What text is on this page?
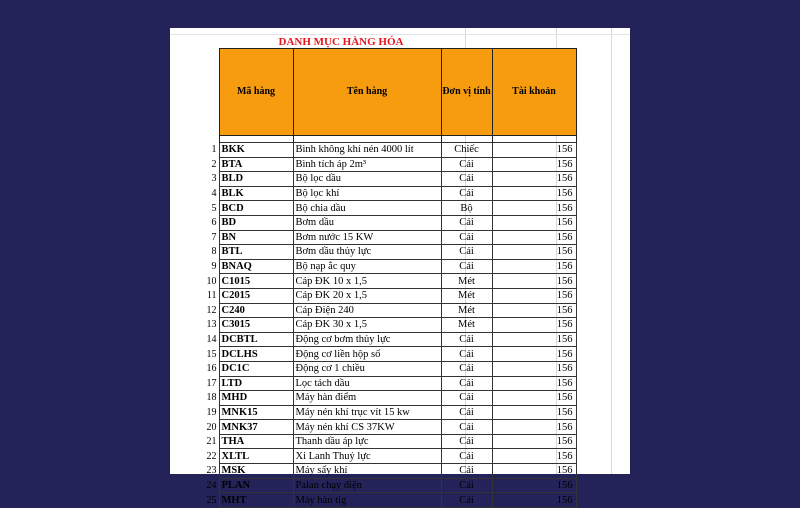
DANH MỤC HÀNG HÓA
	Mã hàng	Tên hàng	Đơn vị tính	Tài khoản

1	BKK	Bình không khí nén 4000 lít	Chiếc	156
2	BTA	Bình tích áp 2m³	Cái	156
3	BLD	Bộ lọc dầu	Cái	156
4	BLK	Bộ lọc khí	Cái	156
5	BCD	Bộ chia dầu	Bộ	156
6	BD	Bơm dầu	Cái	156
7	BN	Bơm nước 15 KW	Cái	156
8	BTL	Bơm dầu thủy lực	Cái	156
9	BNAQ	Bộ nạp ắc quy	Cái	156
10	C1015	Cáp ĐK 10 x 1,5	Mét	156
11	C2015	Cáp ĐK 20 x 1,5	Mét	156
12	C240	Cáp Điện 240	Mét	156
13	C3015	Cáp ĐK 30 x 1,5	Mét	156
14	DCBTL	Động cơ bơm thủy lực	Cái	156
15	DCLHS	Động cơ liền hộp số	Cái	156
16	DC1C	Động cơ 1 chiều	Cái	156
17	LTD	Lọc tách dầu	Cái	156
18	MHD	Máy hàn điểm	Cái	156
19	MNK15	Máy nén khí trục vít 15 kw	Cái	156
20	MNK37	Máy nén khí CS 37KW	Cái	156
21	THA	Thanh dầu áp lực	Cái	156
22	XLTL	Xi Lanh Thuỷ lực	Cái	156
23	MSK	Máy sấy khí	Cái	156
24	PLAN	Palan chạy điện	Cái	156
25	MHT	Máy hàn tig	Cái	156
